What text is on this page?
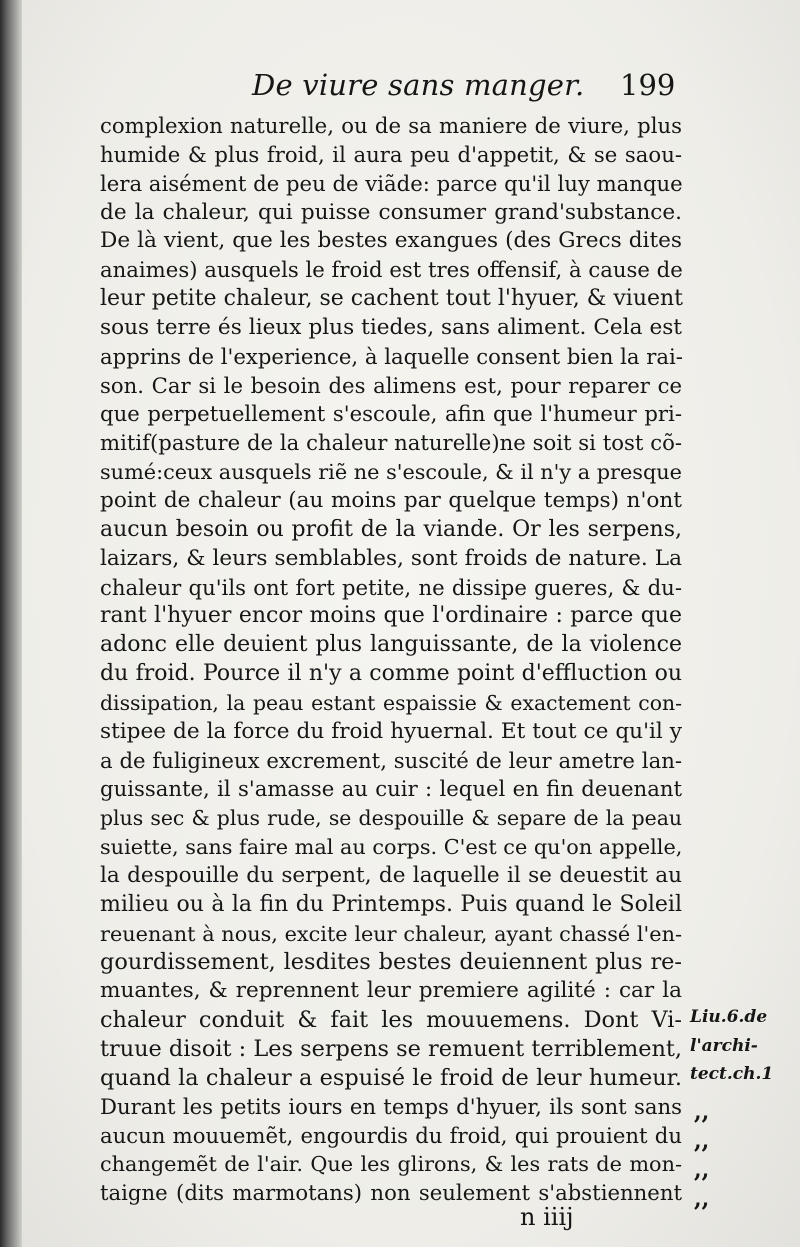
De viure sans manger. 199
complexion naturelle, ou de sa maniere de viure, plus
humide & plus froid, il aura peu d'appetit, & se saou-
lera aisément de peu de viãde: parce qu'il luy manque
de la chaleur, qui puisse consumer grand'substance.
De là vient, que les bestes exangues (des Grecs dites
anaimes) ausquels le froid est tres offensif, à cause de
leur petite chaleur, se cachent tout l'hyuer, & viuent
sous terre és lieux plus tiedes, sans aliment. Cela est
apprins de l'experience, à laquelle consent bien la rai-
son. Car si le besoin des alimens est, pour reparer ce
que perpetuellement s'escoule, afin que l'humeur pri-
mitif(pasture de la chaleur naturelle)ne soit si tost cõ-
sumé:ceux ausquels riẽ ne s'escoule, & il n'y a presque
point de chaleur (au moins par quelque temps) n'ont
aucun besoin ou profit de la viande. Or les serpens,
laizars, & leurs semblables, sont froids de nature. La
chaleur qu'ils ont fort petite, ne dissipe gueres, & du-
rant l'hyuer encor moins que l'ordinaire : parce que
adonc elle deuient plus languissante, de la violence
du froid. Pource il n'y a comme point d'effluction ou
dissipation, la peau estant espaissie & exactement con-
stipee de la force du froid hyuernal. Et tout ce qu'il y
a de fuligineux excrement, suscité de leur ametre lan-
guissante, il s'amasse au cuir : lequel en fin deuenant
plus sec & plus rude, se despouille & separe de la peau
suiette, sans faire mal au corps. C'est ce qu'on appelle,
la despouille du serpent, de laquelle il se deuestit au
milieu ou à la fin du Printemps. Puis quand le Soleil
reuenant à nous, excite leur chaleur, ayant chassé l'en-
gourdissement, lesdites bestes deuiennent plus re-
muantes, & reprennent leur premiere agilité : car la
chaleur conduit & fait les mouuemens. Dont Vi-
truue disoit : Les serpens se remuent terriblement,
quand la chaleur a espuisé le froid de leur humeur.
Durant les petits iours en temps d'hyuer, ils sont sans
aucun mouuemẽt, engourdis du froid, qui prouient du
changemẽt de l'air. Que les glirons, & les rats de mon-
taigne (dits marmotans) non seulement s'abstiennent
Liu.6.de
l'archi-
tect.ch.1
,,
,,
,,
,,
n iiij
